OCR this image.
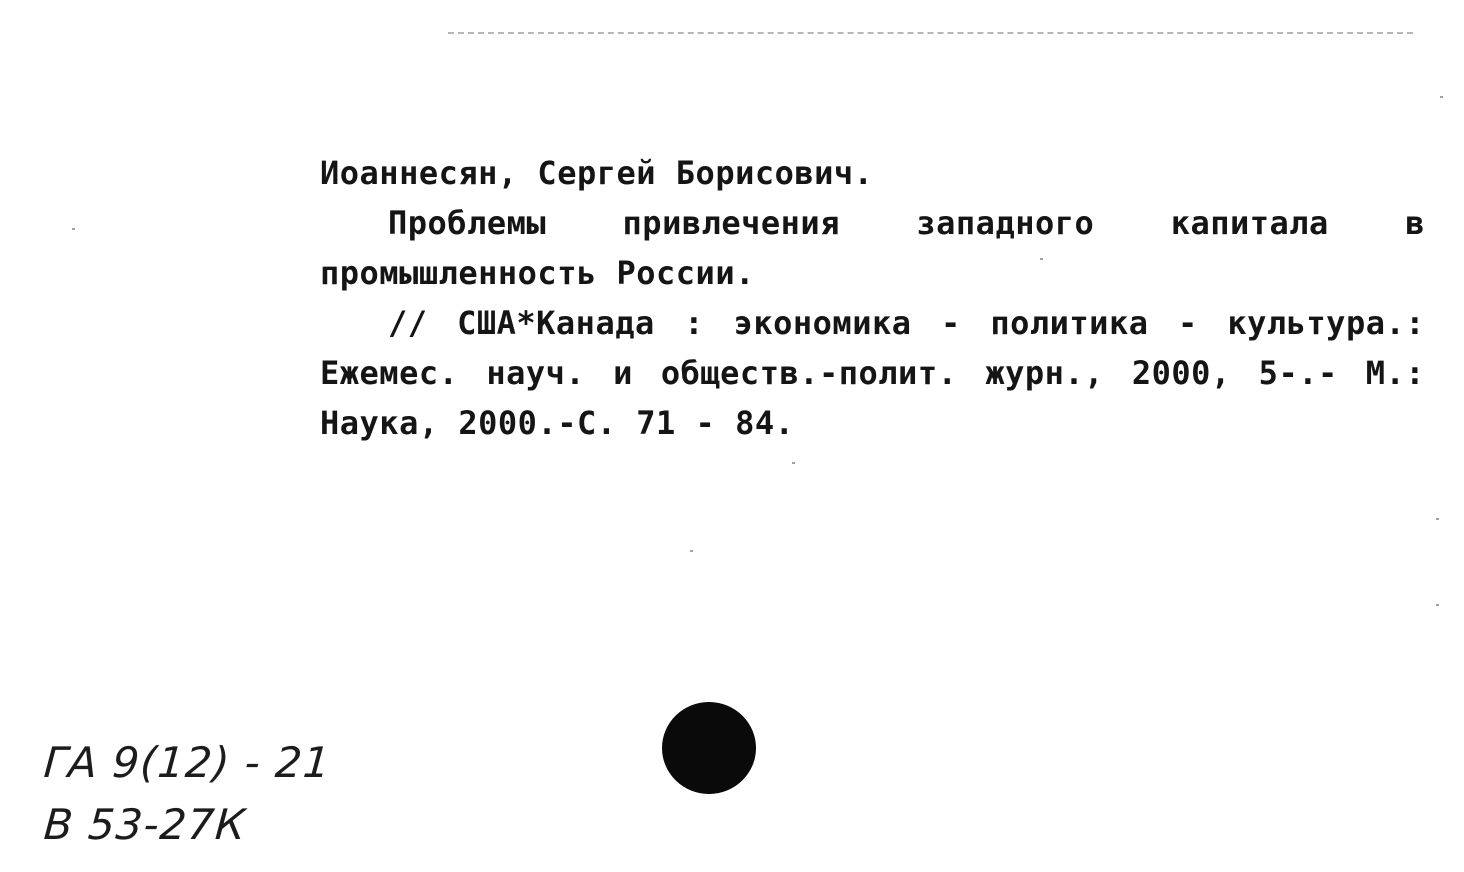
Иоаннесян, Сергей Борисович.

Проблемы привлечения западного капитала в промышленность России.

// США*Канада : экономика - политика - культура.: Ежемес. науч. и обществ.-полит. журн., 2000, 5-.- М.: Наука, 2000.-С. 71 - 84.

ГА 9(12) - 21
В 53-27К
